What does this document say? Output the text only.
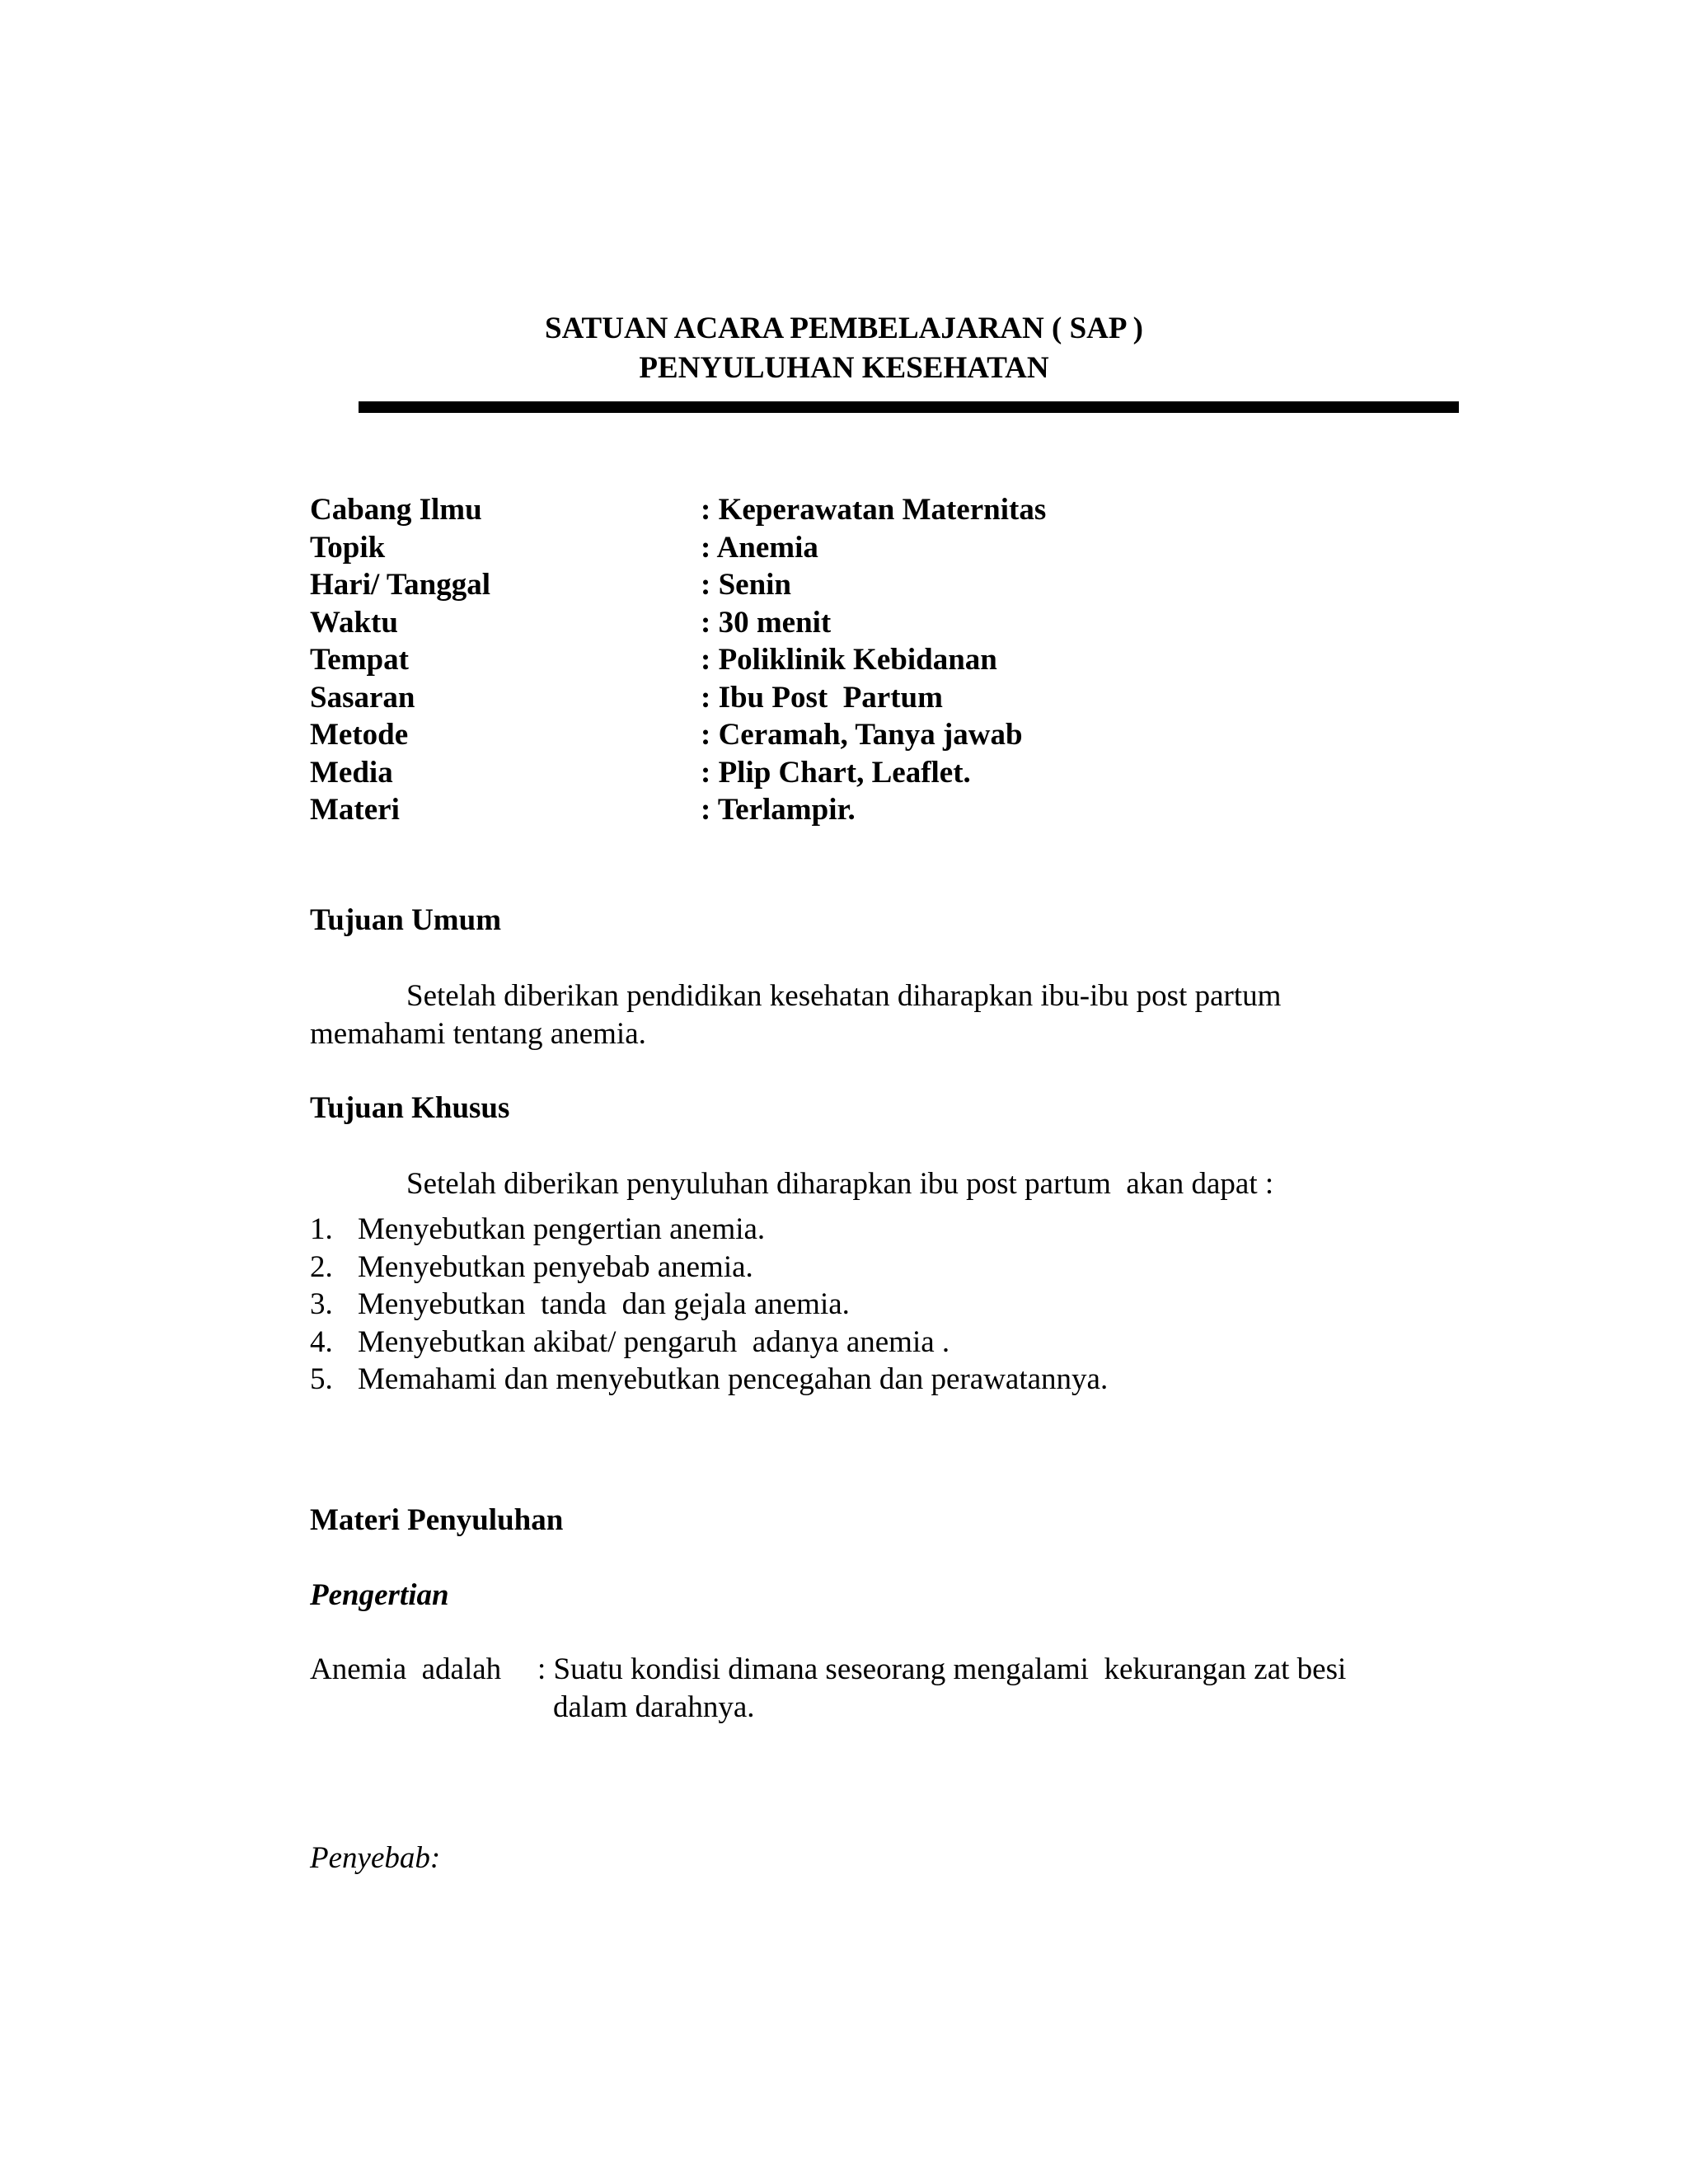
SATUAN ACARA PEMBELAJARAN ( SAP )
PENYULUHAN KESEHATAN
Cabang Ilmu	: Keperawatan Maternitas
Topik	: Anemia
Hari/ Tanggal	: Senin
Waktu	: 30 menit
Tempat	: Poliklinik Kebidanan
Sasaran	: Ibu Post  Partum
Metode	: Ceramah, Tanya jawab
Media	: Plip Chart, Leaflet.
Materi	: Terlampir.
Tujuan Umum
Setelah diberikan pendidikan kesehatan diharapkan ibu-ibu post partum
memahami tentang anemia.
Tujuan Khusus
Setelah diberikan penyuluhan diharapkan ibu post partum  akan dapat :
1. Menyebutkan pengertian anemia.
2. Menyebutkan penyebab anemia.
3. Menyebutkan  tanda  dan gejala anemia.
4. Menyebutkan akibat/ pengaruh  adanya anemia .
5. Memahami dan menyebutkan pencegahan dan perawatannya.
Materi Penyuluhan
Pengertian
Anemia  adalah	: Suatu kondisi dimana seseorang mengalami  kekurangan zat besi
dalam darahnya.
Penyebab:
